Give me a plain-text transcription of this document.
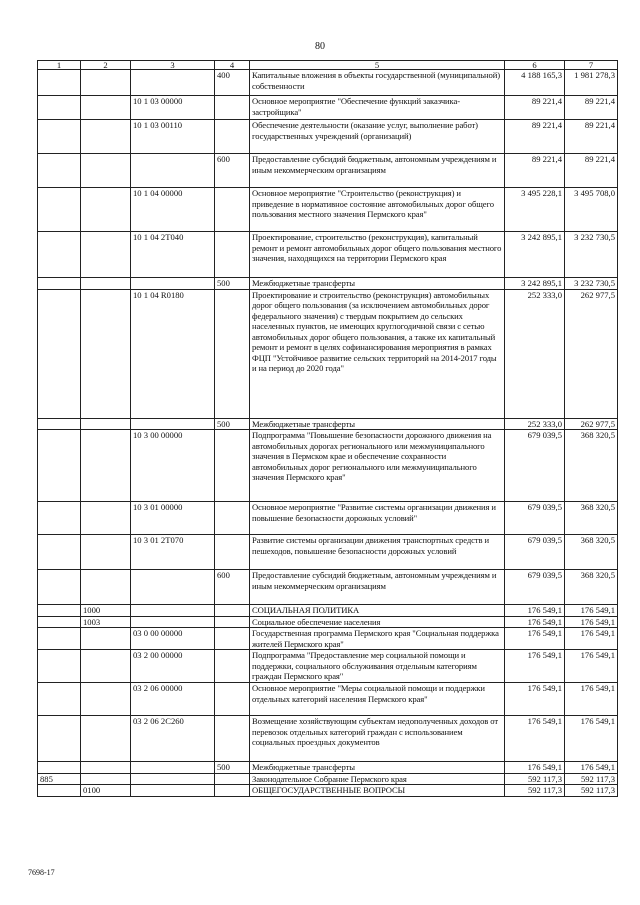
80
1	2	3	4	5	6	7
			400	Капитальные вложения в объекты государственной (муниципальной) собственности	4 188 165,3	1 981 278,3
		10 1 03 00000		Основное мероприятие "Обеспечение функций заказчика-застройщика"	89 221,4	89 221,4
		10 1 03 00110		Обеспечение деятельности (оказание услуг, выполнение работ) государственных учреждений (организаций)	89 221,4	89 221,4
			600	Предоставление субсидий бюджетным, автономным учреждениям и иным некоммерческим организациям	89 221,4	89 221,4
		10 1 04 00000		Основное мероприятие "Строительство (реконструкция) и приведение в нормативное состояние автомобильных дорог общего пользования местного значения Пермского края"	3 495 228,1	3 495 708,0
		10 1 04 2Т040		Проектирование, строительство (реконструкция), капитальный ремонт и ремонт автомобильных дорог общего пользования местного значения, находящихся на территории Пермского края	3 242 895,1	3 232 730,5
			500	Межбюджетные трансферты	3 242 895,1	3 232 730,5
		10 1 04 R0180		Проектирование и строительство (реконструкция) автомобильных дорог общего пользования (за исключением автомобильных дорог федерального значения) с твердым покрытием до сельских населенных пунктов, не имеющих круглогодичной связи с сетью автомобильных дорог общего пользования, а также их капитальный ремонт и ремонт в целях софинансирования мероприятия в рамках ФЦП "Устойчивое развитие сельских территорий на 2014-2017 годы и на период до 2020 года"	252 333,0	262 977,5
			500	Межбюджетные трансферты	252 333,0	262 977,5
		10 3 00 00000		Подпрограмма "Повышение безопасности дорожного движения на автомобильных дорогах регионального или межмуниципального значения в Пермском крае и обеспечение сохранности автомобильных дорог регионального или межмуниципального значения Пермского края"	679 039,5	368 320,5
		10 3 01 00000		Основное мероприятие "Развитие системы организации движения и повышение безопасности дорожных условий"	679 039,5	368 320,5
		10 3 01 2Т070		Развитие системы организации движения транспортных средств и пешеходов, повышение безопасности дорожных условий	679 039,5	368 320,5
			600	Предоставление субсидий бюджетным, автономным учреждениям и иным некоммерческим организациям	679 039,5	368 320,5
	1000			СОЦИАЛЬНАЯ ПОЛИТИКА	176 549,1	176 549,1
	1003			Социальное обеспечение населения	176 549,1	176 549,1
		03 0 00 00000		Государственная программа Пермского края "Социальная поддержка жителей Пермского края"	176 549,1	176 549,1
		03 2 00 00000		Подпрограмма "Предоставление мер социальной помощи и поддержки, социального обслуживания отдельным категориям граждан Пермского края"	176 549,1	176 549,1
		03 2 06 00000		Основное мероприятие "Меры социальной помощи и поддержки отдельных категорий населения Пермского края"	176 549,1	176 549,1
		03 2 06 2С260		Возмещение хозяйствующим субъектам недополученных доходов от перевозок отдельных категорий граждан с использованием социальных проездных документов	176 549,1	176 549,1
			500	Межбюджетные трансферты	176 549,1	176 549,1
885				Законодательное Собрание Пермского края	592 117,3	592 117,3
	0100			ОБЩЕГОСУДАРСТВЕННЫЕ ВОПРОСЫ	592 117,3	592 117,3
7698-17
